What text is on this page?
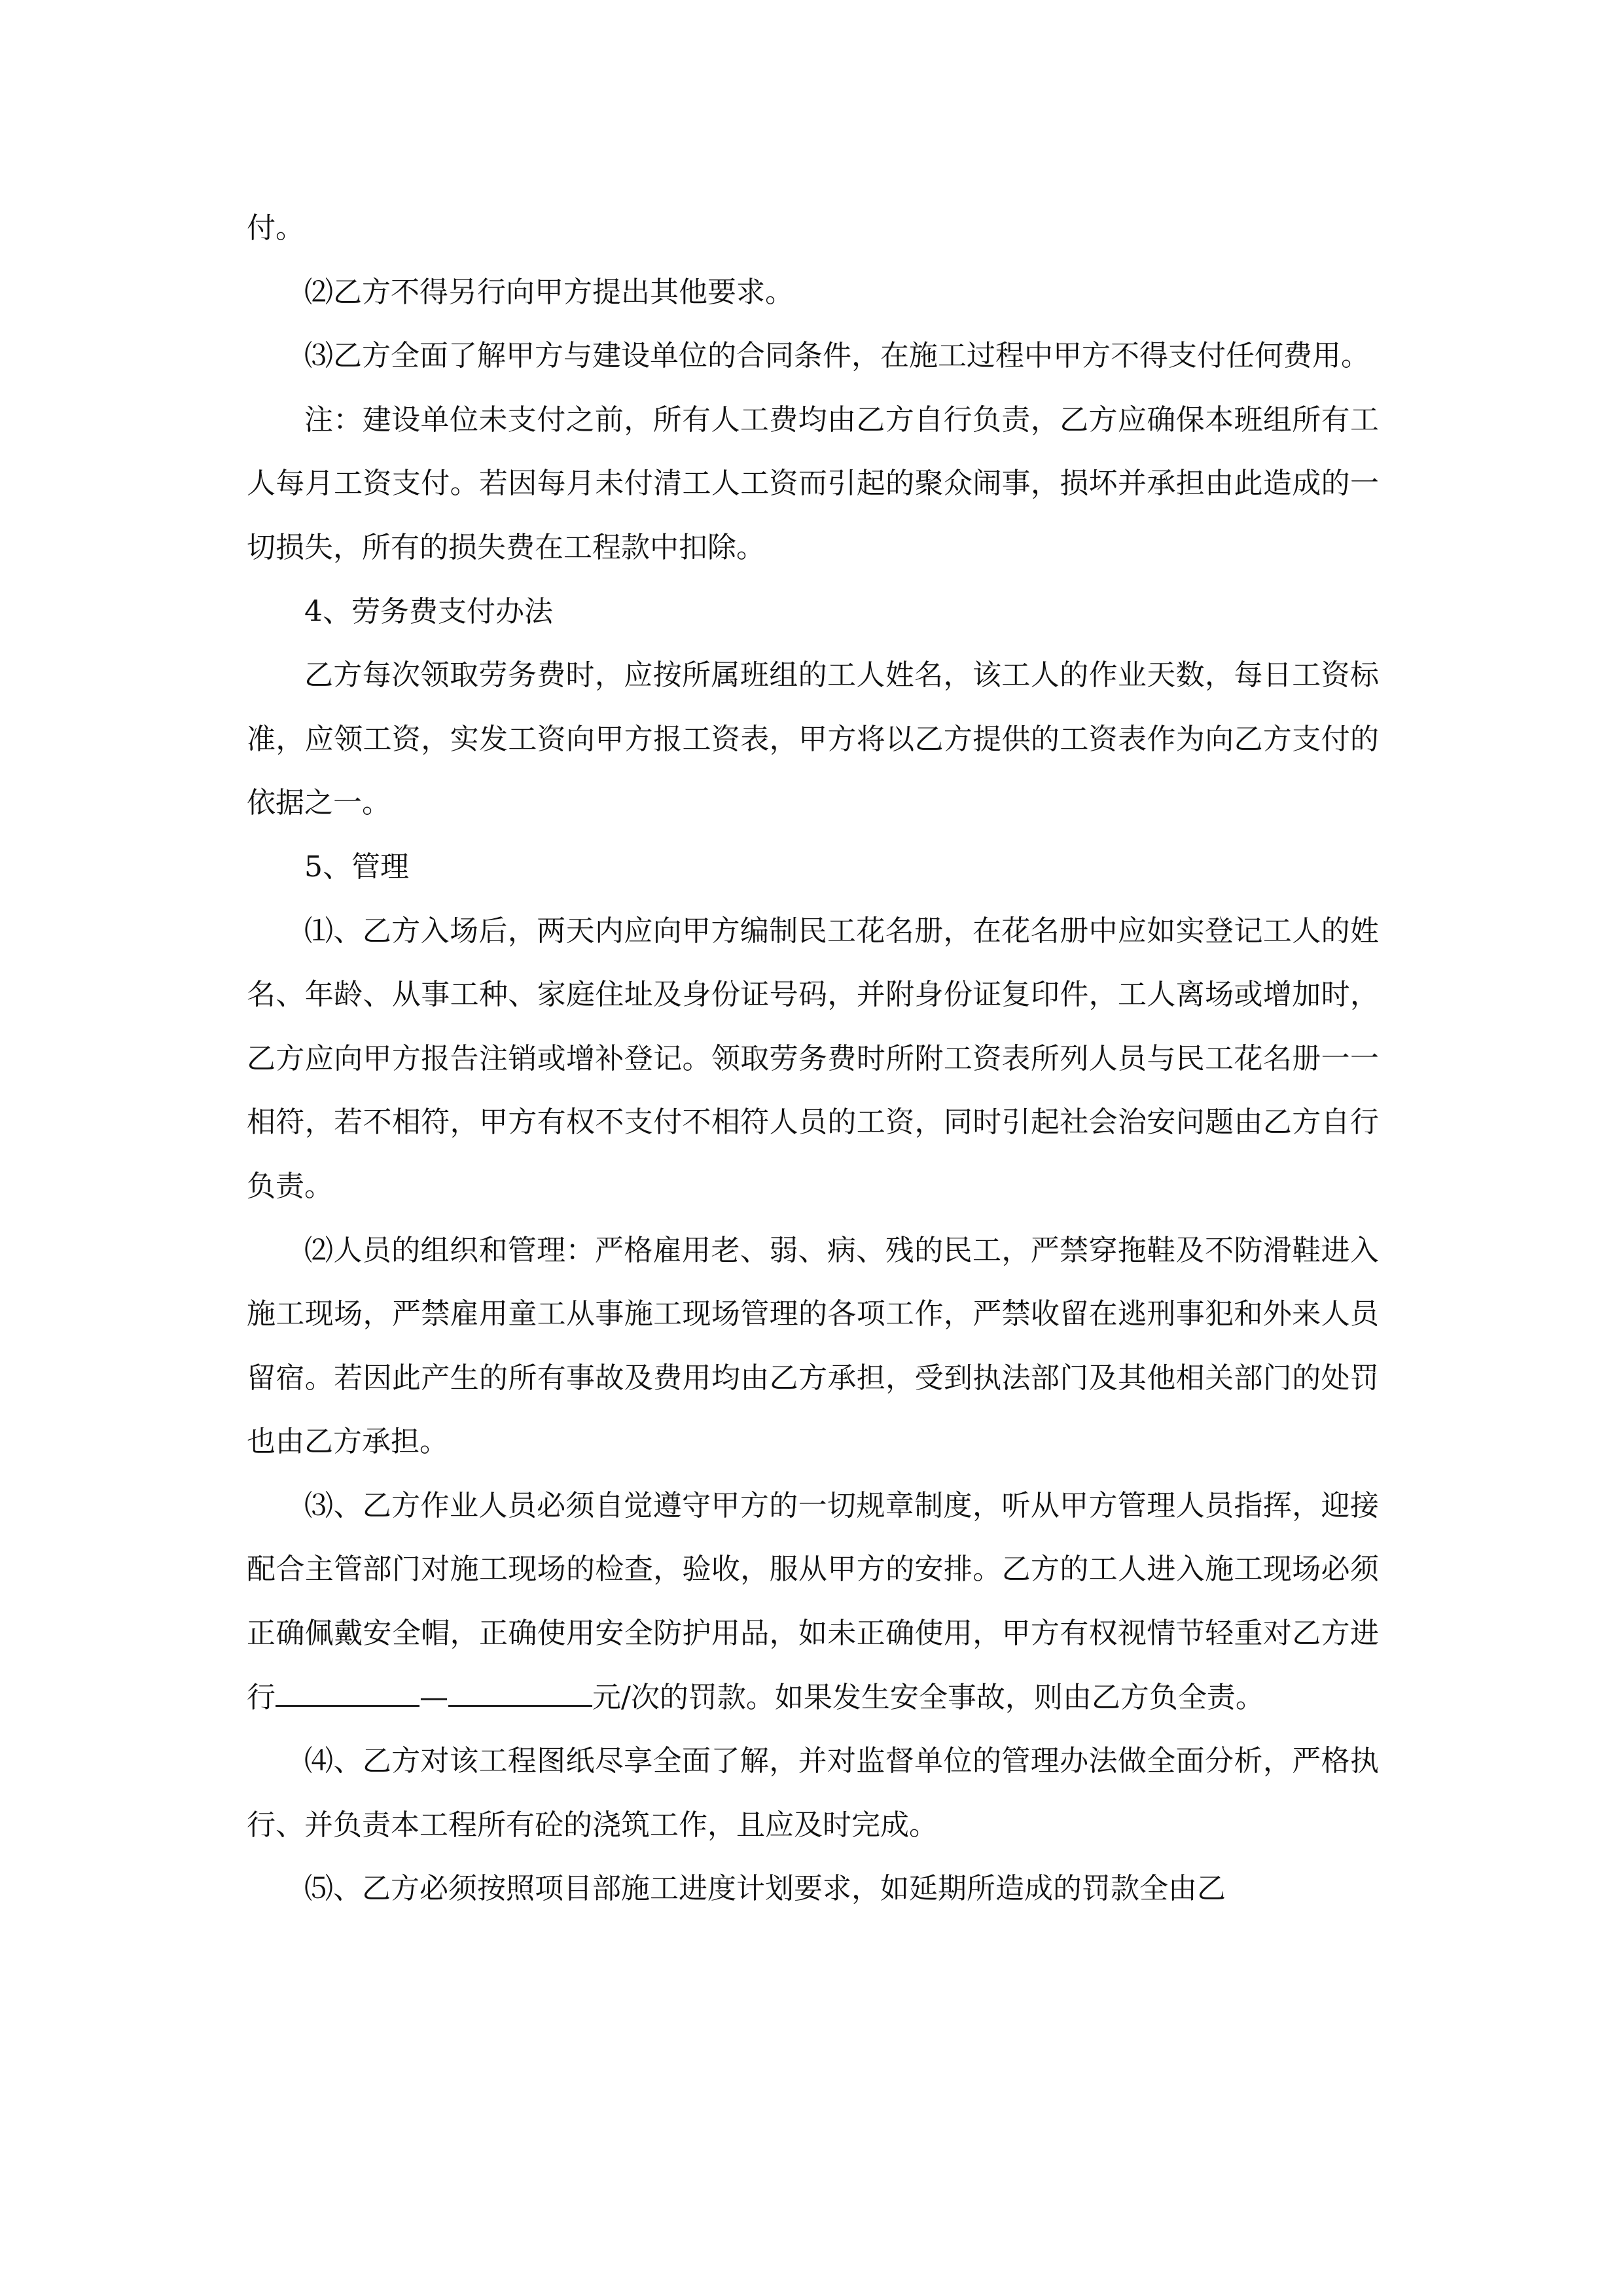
付。

⑵乙方不得另行向甲方提出其他要求。

⑶乙方全面了解甲方与建设单位的合同条件，在施工过程中甲方不得支付任何费用。

注：建设单位未支付之前，所有人工费均由乙方自行负责，乙方应确保本班组所有工人每月工资支付。若因每月未付清工人工资而引起的聚众闹事，损坏并承担由此造成的一切损失，所有的损失费在工程款中扣除。

4、劳务费支付办法

乙方每次领取劳务费时，应按所属班组的工人姓名，该工人的作业天数，每日工资标准，应领工资，实发工资向甲方报工资表，甲方将以乙方提供的工资表作为向乙方支付的依据之一。

5、管理

⑴、乙方入场后，两天内应向甲方编制民工花名册，在花名册中应如实登记工人的姓名、年龄、从事工种、家庭住址及身份证号码，并附身份证复印件，工人离场或增加时，乙方应向甲方报告注销或增补登记。领取劳务费时所附工资表所列人员与民工花名册一一相符，若不相符，甲方有权不支付不相符人员的工资，同时引起社会治安问题由乙方自行负责。

⑵人员的组织和管理：严格雇用老、弱、病、残的民工，严禁穿拖鞋及不防滑鞋进入施工现场，严禁雇用童工从事施工现场管理的各项工作，严禁收留在逃刑事犯和外来人员留宿。若因此产生的所有事故及费用均由乙方承担，受到执法部门及其他相关部门的处罚也由乙方承担。

⑶、乙方作业人员必须自觉遵守甲方的一切规章制度，听从甲方管理人员指挥，迎接配合主管部门对施工现场的检查，验收，服从甲方的安排。乙方的工人进入施工现场必须正确佩戴安全帽，正确使用安全防护用品，如未正确使用，甲方有权视情节轻重对乙方进行	—	元/次的罚款。如果发生安全事故，则由乙方负全责。

⑷、乙方对该工程图纸尽享全面了解，并对监督单位的管理办法做全面分析，严格执行、并负责本工程所有砼的浇筑工作，且应及时完成。

⑸、乙方必须按照项目部施工进度计划要求，如延期所造成的罚款全由乙
